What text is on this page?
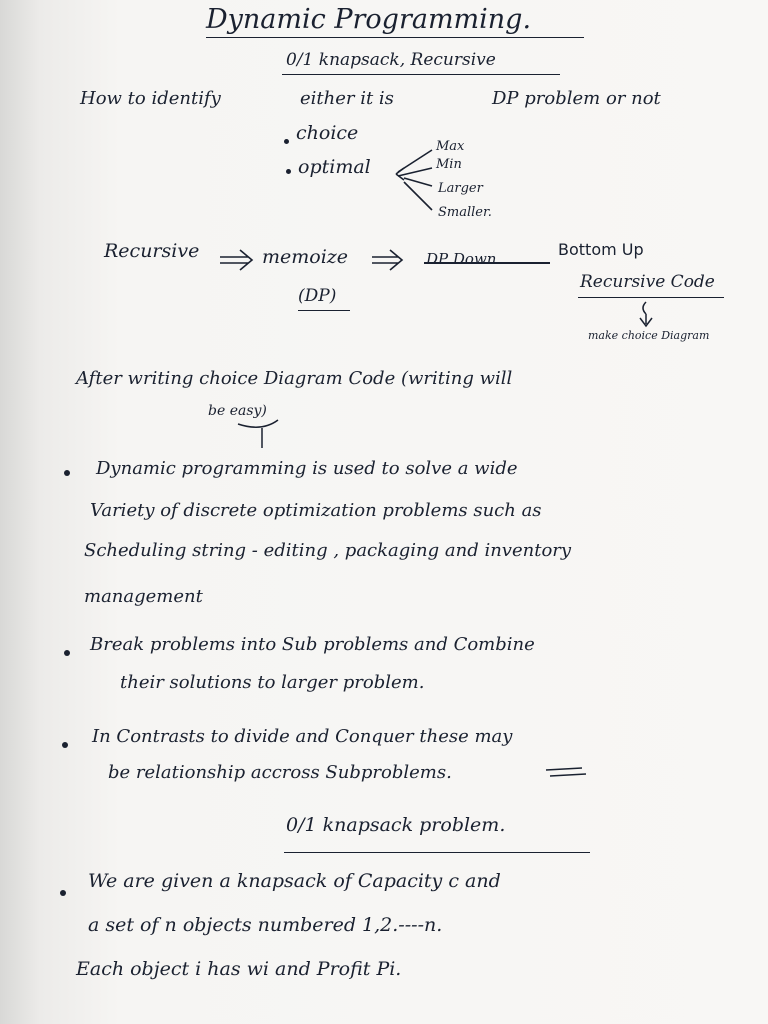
Dynamic Programming.
0/1 knapsack, Recursive
How to identify	either it is	DP problem or not
choice
optimal
Max
Min
Larger
Smaller.
Recursive	memoize	DP Down	Bottom Up
(DP)
Recursive Code
make choice Diagram
After writing choice Diagram Code (writing will
be easy)
Dynamic programming is used to solve a wide
Variety of discrete optimization problems such as
Scheduling string - editing , packaging and inventory
management
Break problems into Sub problems and Combine
their solutions to larger problem.
In Contrasts to divide and Conquer these may
be relationship accross Subproblems.
0/1 knapsack problem.
We are given a knapsack of Capacity c and
a set of n objects numbered 1,2.----n.
Each object i has wi and Profit Pi.
